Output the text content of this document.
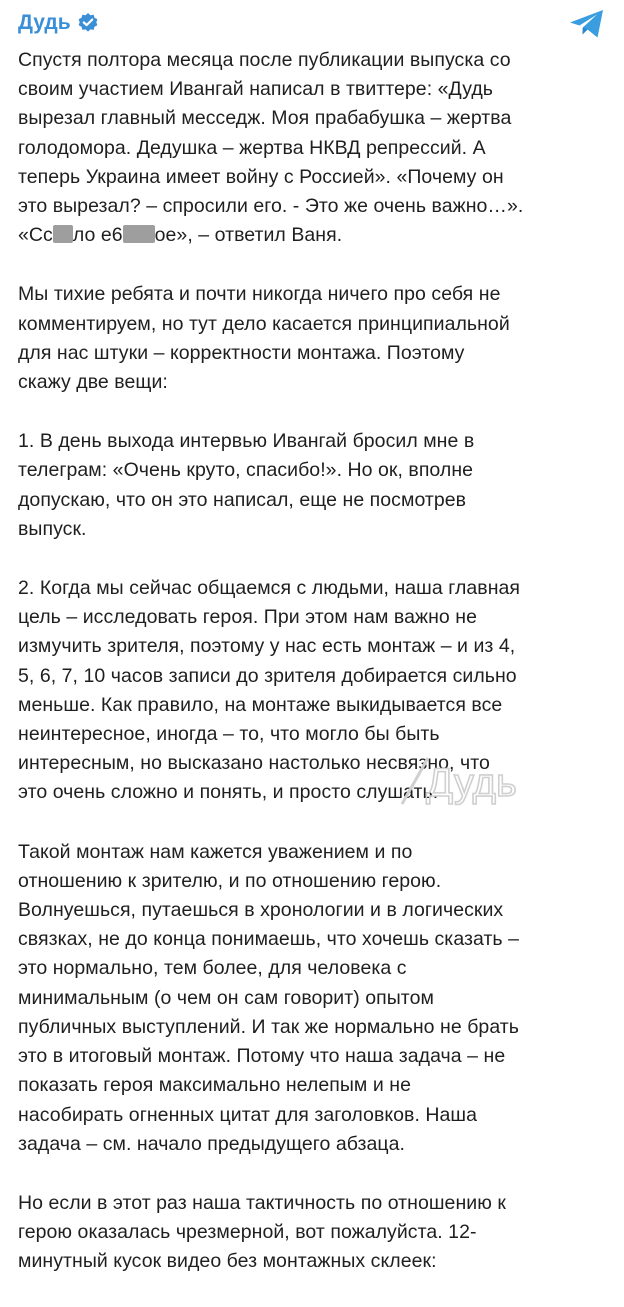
Дудь

Спустя полтора месяца после публикации выпуска со
своим участием Ивангай написал в твиттере: «Дудь
вырезал главный месседж. Моя прабабушка – жертва
голодомора. Дедушка – жертва НКВД репрессий. А
теперь Украина имеет войну с Россией». «Почему он
это вырезал? – спросили его. - Это же очень важно…».
«Сс ло е6 ое», – ответил Ваня.

Мы тихие ребята и почти никогда ничего про себя не
комментируем, но тут дело касается принципиальной
для нас штуки – корректности монтажа. Поэтому
скажу две вещи:

1. В день выхода интервью Ивангай бросил мне в
телеграм: «Очень круто, спасибо!». Но ок, вполне
допускаю, что он это написал, еще не посмотрев
выпуск.

2. Когда мы сейчас общаемся с людьми, наша главная
цель – исследовать героя. При этом нам важно не
измучить зрителя, поэтому у нас есть монтаж – и из 4,
5, 6, 7, 10 часов записи до зрителя добирается сильно
меньше. Как правило, на монтаже выкидывается все
неинтересное, иногда – то, что могло бы быть
интересным, но высказано настолько несвязно, что
это очень сложно и понять, и просто слушать.

Такой монтаж нам кажется уважением и по
отношению к зрителю, и по отношению герою.
Волнуешься, путаешься в хронологии и в логических
связках, не до конца понимаешь, что хочешь сказать –
это нормально, тем более, для человека с
минимальным (о чем он сам говорит) опытом
публичных выступлений. И так же нормально не брать
это в итоговый монтаж. Потому что наша задача – не
показать героя максимально нелепым и не
насобирать огненных цитат для заголовков. Наша
задача – см. начало предыдущего абзаца.

Но если в этот раз наша тактичность по отношению к
герою оказалась чрезмерной, вот пожалуйста. 12-
минутный кусок видео без монтажных склеек:

Дудь
